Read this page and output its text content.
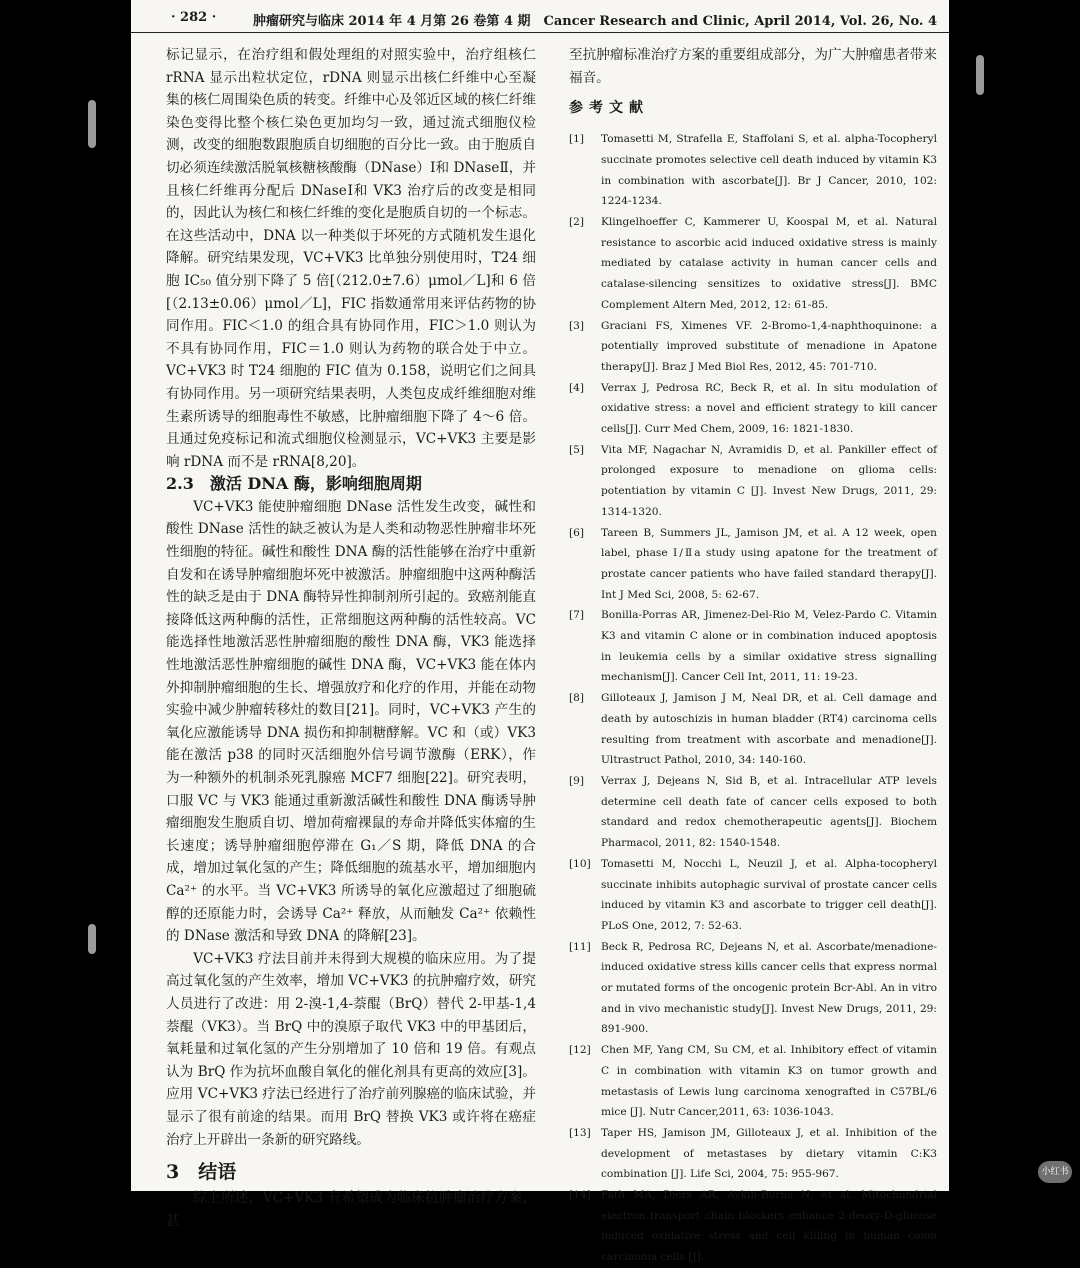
· 282 ·	肿瘤研究与临床 2014 年 4 月第 26 卷第 4 期　Cancer Research and Clinic, April 2014, Vol. 26, No. 4

标记显示，在治疗组和假处理组的对照实验中，治疗组核仁 rRNA 显示出粒状定位，rDNA 则显示出核仁纤维中心至凝集的核仁周围染色质的转变。纤维中心及邻近区域的核仁纤维染色变得比整个核仁染色更加均匀一致，通过流式细胞仪检测，改变的细胞数跟胞质自切细胞的百分比一致。由于胞质自切必须连续激活脱氧核糖核酸酶（DNase）Ⅰ和 DNaseⅡ，并且核仁纤维再分配后 DNaseⅠ和 VK3 治疗后的改变是相同的，因此认为核仁和核仁纤维的变化是胞质自切的一个标志。在这些活动中，DNA 以一种类似于坏死的方式随机发生退化降解。研究结果发现，VC+VK3 比单独分别使用时，T24 细胞 IC₅₀ 值分别下降了 5 倍[（212.0±7.6）μmol／L]和 6 倍[（2.13±0.06）μmol／L]，FIC 指数通常用来评估药物的协同作用。FIC＜1.0 的组合具有协同作用，FIC＞1.0 则认为不具有协同作用，FIC＝1.0 则认为药物的联合处于中立。VC+VK3 时 T24 细胞的 FIC 值为 0.158，说明它们之间具有协同作用。另一项研究结果表明，人类包皮成纤维细胞对维生素所诱导的细胞毒性不敏感，比肿瘤细胞下降了 4～6 倍。且通过免疫标记和流式细胞仪检测显示，VC+VK3 主要是影响 rDNA 而不是 rRNA[8,20]。

2.3　激活 DNA 酶，影响细胞周期

VC+VK3 能使肿瘤细胞 DNase 活性发生改变，碱性和酸性 DNase 活性的缺乏被认为是人类和动物恶性肿瘤非坏死性细胞的特征。碱性和酸性 DNA 酶的活性能够在治疗中重新自发和在诱导肿瘤细胞坏死中被激活。肿瘤细胞中这两种酶活性的缺乏是由于 DNA 酶特异性抑制剂所引起的。致癌剂能直接降低这两种酶的活性，正常细胞这两种酶的活性较高。VC 能选择性地激活恶性肿瘤细胞的酸性 DNA 酶，VK3 能选择性地激活恶性肿瘤细胞的碱性 DNA 酶，VC+VK3 能在体内外抑制肿瘤细胞的生长、增强放疗和化疗的作用，并能在动物实验中减少肿瘤转移灶的数目[21]。同时，VC+VK3 产生的氧化应激能诱导 DNA 损伤和抑制糖酵解。VC 和（或）VK3 能在激活 p38 的同时灭活细胞外信号调节激酶（ERK），作为一种额外的机制杀死乳腺癌 MCF7 细胞[22]。研究表明，口服 VC 与 VK3 能通过重新激活碱性和酸性 DNA 酶诱导肿瘤细胞发生胞质自切、增加荷瘤裸鼠的寿命并降低实体瘤的生长速度；诱导肿瘤细胞停滞在 G₁／S 期，降低 DNA 的合成，增加过氧化氢的产生；降低细胞的巯基水平，增加细胞内 Ca²⁺ 的水平。当 VC+VK3 所诱导的氧化应激超过了细胞硫醇的还原能力时，会诱导 Ca²⁺ 释放，从而触发 Ca²⁺ 依赖性的 DNase 激活和导致 DNA 的降解[23]。

VC+VK3 疗法目前并未得到大规模的临床应用。为了提高过氧化氢的产生效率，增加 VC+VK3 的抗肿瘤疗效，研究人员进行了改进：用 2-溴-1,4-萘醌（BrQ）替代 2-甲基-1,4 萘醌（VK3）。当 BrQ 中的溴原子取代 VK3 中的甲基团后，氧耗量和过氧化氢的产生分别增加了 10 倍和 19 倍。有观点认为 BrQ 作为抗坏血酸自氧化的催化剂具有更高的效应[3]。应用 VC+VK3 疗法已经进行了治疗前列腺癌的临床试验，并显示了很有前途的结果。而用 BrQ 替换 VK3 或许将在癌症治疗上开辟出一条新的研究路线。

3　结语

综上所述，VC+VK3 有希望成为临床抗肿瘤治疗方案，甚

至抗肿瘤标准治疗方案的重要组成部分，为广大肿瘤患者带来福音。

参考文献
[1]	Tomasetti M, Strafella E, Staffolani S, et al. alpha-Tocopheryl succinate promotes selective cell death induced by vitamin K3 in combination with ascorbate[J]. Br J Cancer, 2010, 102: 1224-1234.
[2]	Klingelhoeffer C, Kammerer U, Koospal M, et al. Natural resistance to ascorbic acid induced oxidative stress is mainly mediated by catalase activity in human cancer cells and catalase-silencing sensitizes to oxidative stress[J]. BMC Complement Altern Med, 2012, 12: 61-85.
[3]	Graciani FS, Ximenes VF. 2-Bromo-1,4-naphthoquinone: a potentially improved substitute of menadione in Apatone therapy[J]. Braz J Med Biol Res, 2012, 45: 701-710.
[4]	Verrax J, Pedrosa RC, Beck R, et al. In situ modulation of oxidative stress: a novel and efficient strategy to kill cancer cells[J]. Curr Med Chem, 2009, 16: 1821-1830.
[5]	Vita MF, Nagachar N, Avramidis D, et al. Pankiller effect of prolonged exposure to menadione on glioma cells: potentiation by vitamin C [J]. Invest New Drugs, 2011, 29: 1314-1320.
[6]	Tareen B, Summers JL, Jamison JM, et al. A 12 week, open label, phase Ⅰ/Ⅱa study using apatone for the treatment of prostate cancer patients who have failed standard therapy[J]. Int J Med Sci, 2008, 5: 62-67.
[7]	Bonilla-Porras AR, Jimenez-Del-Rio M, Velez-Pardo C. Vitamin K3 and vitamin C alone or in combination induced apoptosis in leukemia cells by a similar oxidative stress signalling mechanism[J]. Cancer Cell Int, 2011, 11: 19-23.
[8]	Gilloteaux J, Jamison J M, Neal DR, et al. Cell damage and death by autoschizis in human bladder (RT4) carcinoma cells resulting from treatment with ascorbate and menadione[J]. Ultrastruct Pathol, 2010, 34: 140-160.
[9]	Verrax J, Dejeans N, Sid B, et al. Intracellular ATP levels determine cell death fate of cancer cells exposed to both standard and redox chemotherapeutic agents[J]. Biochem Pharmacol, 2011, 82: 1540-1548.
[10] Tomasetti M, Nocchi L, Neuzil J, et al. Alpha-tocopheryl succinate inhibits autophagic survival of prostate cancer cells induced by vitamin K3 and ascorbate to trigger cell death[J]. PLoS One, 2012, 7: 52-63.
[11] Beck R, Pedrosa RC, Dejeans N, et al. Ascorbate/menadione-induced oxidative stress kills cancer cells that express normal or mutated forms of the oncogenic protein Bcr-Abl. An in vitro and in vivo mechanistic study[J]. Invest New Drugs, 2011, 29: 891-900.
[12] Chen MF, Yang CM, Su CM, et al. Inhibitory effect of vitamin C in combination with vitamin K3 on tumor growth and metastasis of Lewis lung carcinoma xenografted in C57BL/6 mice [J]. Nutr Cancer,2011, 63: 1036-1043.
[13] Taper HS, Jamison JM, Gilloteaux J, et al. Inhibition of the development of metastases by dietary vitamin C:K3 combination [J]. Life Sci, 2004, 75: 955-967.
[14] Fath MA, Diers AR, Aykin-Burns N, et al. Mitochondrial electron transport chain blockers enhance 2-deoxy-D-glucose induced oxidative stress and cell killing in human colon carcinoma cells [J].
小红书
